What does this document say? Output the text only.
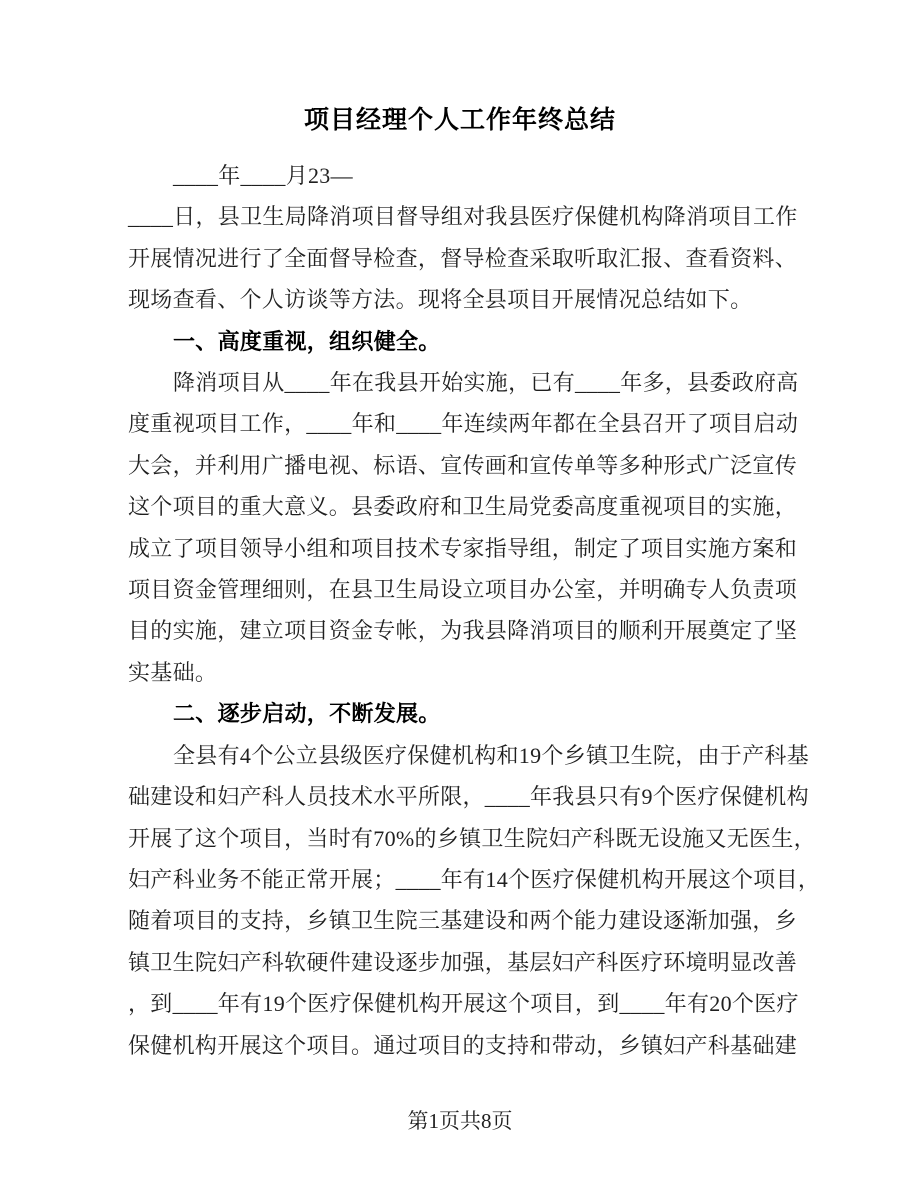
项目经理个人工作年终总结
____年____月23—
____日，县卫生局降消项目督导组对我县医疗保健机构降消项目工作
开展情况进行了全面督导检查，督导检查采取听取汇报、查看资料、
现场查看、个人访谈等方法。现将全县项目开展情况总结如下。
一、高度重视，组织健全。
降消项目从____年在我县开始实施，已有____年多，县委政府高
度重视项目工作，____年和____年连续两年都在全县召开了项目启动
大会，并利用广播电视、标语、宣传画和宣传单等多种形式广泛宣传
这个项目的重大意义。县委政府和卫生局党委高度重视项目的实施，
成立了项目领导小组和项目技术专家指导组，制定了项目实施方案和
项目资金管理细则，在县卫生局设立项目办公室，并明确专人负责项
目的实施，建立项目资金专帐，为我县降消项目的顺利开展奠定了坚
实基础。
二、逐步启动，不断发展。
全县有4个公立县级医疗保健机构和19个乡镇卫生院，由于产科基
础建设和妇产科人员技术水平所限，____年我县只有9个医疗保健机构
开展了这个项目，当时有70%的乡镇卫生院妇产科既无设施又无医生，
妇产科业务不能正常开展；____年有14个医疗保健机构开展这个项目，
随着项目的支持，乡镇卫生院三基建设和两个能力建设逐渐加强，乡
镇卫生院妇产科软硬件建设逐步加强，基层妇产科医疗环境明显改善
，到____年有19个医疗保健机构开展这个项目，到____年有20个医疗
保健机构开展这个项目。通过项目的支持和带动，乡镇妇产科基础建
第1页共8页
